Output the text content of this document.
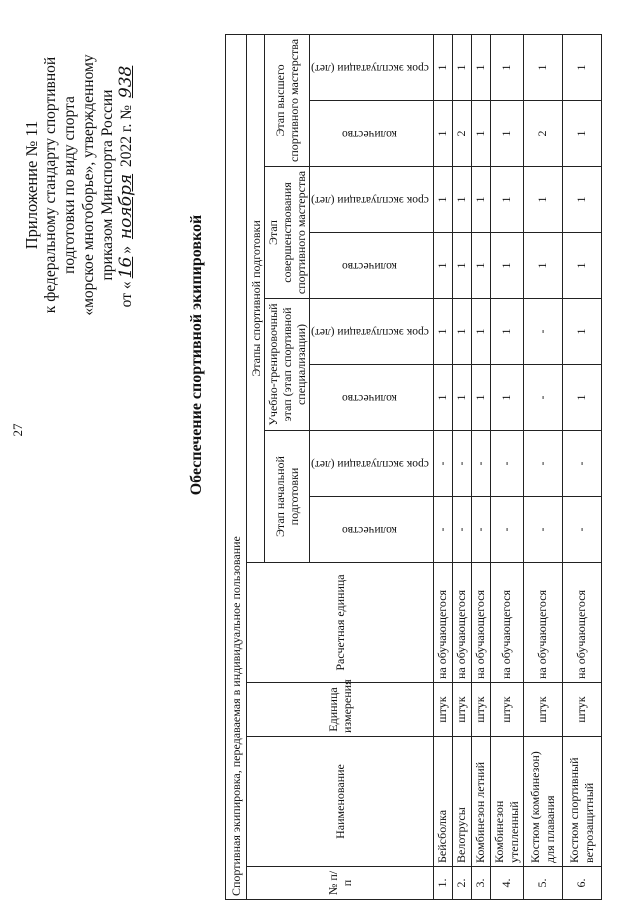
27
Приложение № 11 к федеральному стандарту спортивной подготовки по виду спорта «морское многоборье», утвержденному приказом Минспорта России
от «16» ноября 2022 г. № 938
Обеспечение спортивной экипировкой
Спортивная экипировка, передаваемая в индивидуальное пользование											
№ п/п	Наименование	Единица измерения	Расчетная единица	Этапы спортивной подготовки							
				Этап начальной подготовки		Учебно-тренировочный этап (этап спортивной специализации)		Этап совершенствования спортивного мастерства		Этап высшего спортивного мастерства	
				количество	срок эксплуатации (лет)	количество	срок эксплуатации (лет)	количество	срок эксплуатации (лет)	количество	срок эксплуатации (лет)
1.	Бейсболка	штук	на обучающегося	-	-	1	1	1	1	1	1
2.	Велотрусы	штук	на обучающегося	-	-	1	1	1	1	2	1
3.	Комбинезон летний	штук	на обучающегося	-	-	1	1	1	1	1	1
4.	Комбинезон утепленный	штук	на обучающегося	-	-	1	1	1	1	1	1
5.	Костюм (комбинезон) для плавания	штук	на обучающегося	-	-	-	-	1	1	2	1
6.	Костюм спортивный ветрозащитный	штук	на обучающегося	-	-	1	1	1	1	1	1
